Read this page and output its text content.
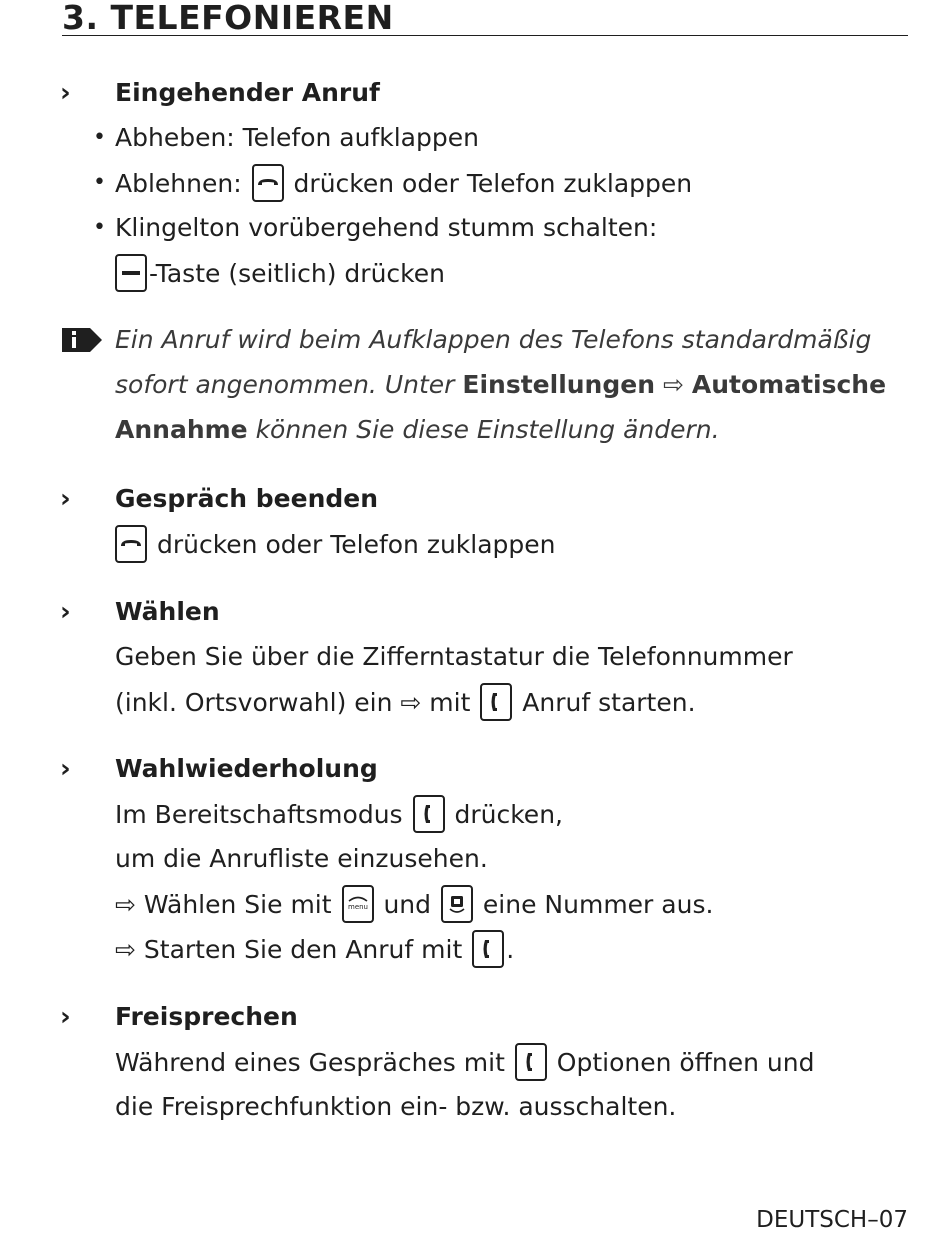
3. TELEFONIEREN
› Eingehender Anruf
• Abheben: Telefon aufklappen
• Ablehnen: drücken oder Telefon zuklappen
• Klingelton vorübergehend stumm schalten:
-Taste (seitlich) drücken
Ein Anruf wird beim Aufklappen des Telefons standardmäßig
sofort angenommen. Unter Einstellungen ⇨ Automatische
Annahme können Sie diese Einstellung ändern.
› Gespräch beenden
drücken oder Telefon zuklappen
› Wählen
Geben Sie über die Zifferntastatur die Telefonnummer
(inkl. Ortsvorwahl) ein ⇨ mit Anruf starten.
› Wahlwiederholung
Im Bereitschaftsmodus drücken,
um die Anrufliste einzusehen.
⇨ Wählen Sie mit menu und eine Nummer aus.
⇨ Starten Sie den Anruf mit .
› Freisprechen
Während eines Gespräches mit Optionen öffnen und
die Freisprechfunktion ein- bzw. ausschalten.
DEUTSCH–07
